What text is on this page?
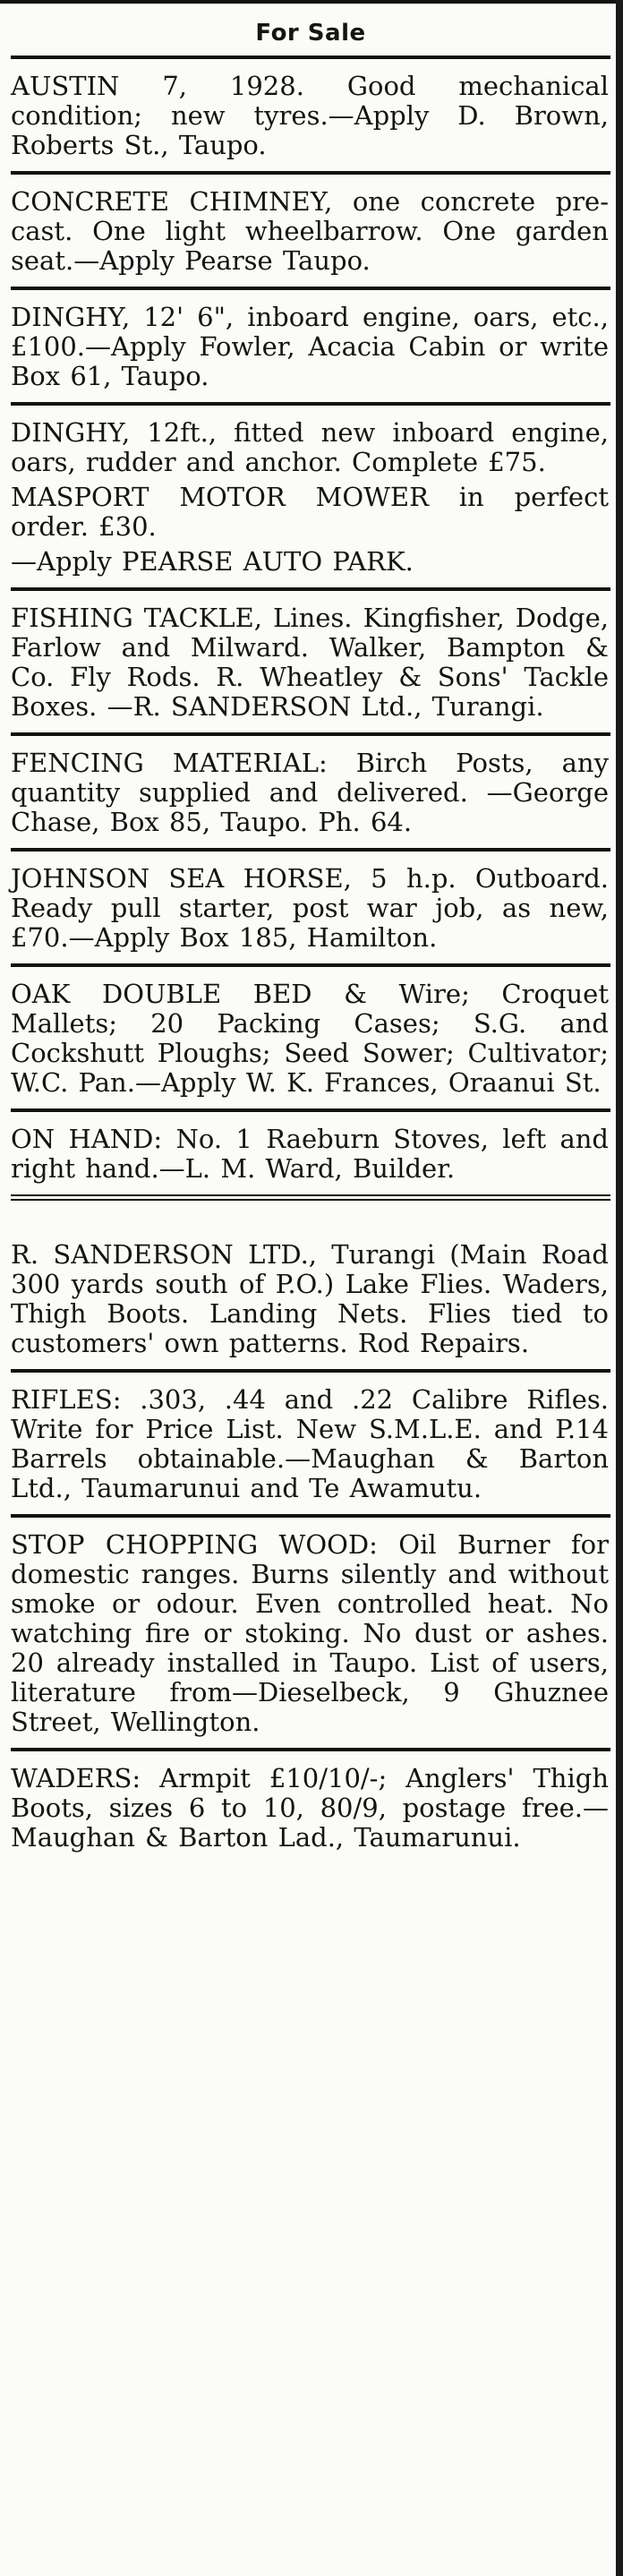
For Sale

AUSTIN 7, 1928. Good mechanical condition; new tyres.—Apply D. Brown, Roberts St., Taupo.

CONCRETE CHIMNEY, one concrete pre-cast. One light wheelbarrow. One garden seat.—Apply Pearse Taupo.

DINGHY, 12' 6", inboard engine, oars, etc., £100.—Apply Fowler, Acacia Cabin or write Box 61, Taupo.

DINGHY, 12ft., fitted new inboard engine, oars, rudder and anchor. Complete £75.

MASPORT MOTOR MOWER in perfect order. £30.

—Apply PEARSE AUTO PARK.

FISHING TACKLE, Lines. Kingfisher, Dodge, Farlow and Milward. Walker, Bampton & Co. Fly Rods. R. Wheatley & Sons' Tackle Boxes. —R. SANDERSON Ltd., Turangi.

FENCING MATERIAL: Birch Posts, any quantity supplied and delivered. —George Chase, Box 85, Taupo. Ph. 64.

JOHNSON SEA HORSE, 5 h.p. Outboard. Ready pull starter, post war job, as new, £70.—Apply Box 185, Hamilton.

OAK DOUBLE BED & Wire; Croquet Mallets; 20 Packing Cases; S.G. and Cockshutt Ploughs; Seed Sower; Cultivator; W.C. Pan.—Apply W. K. Frances, Oraanui St.

ON HAND: No. 1 Raeburn Stoves, left and right hand.—L. M. Ward, Builder.

R. SANDERSON LTD., Turangi (Main Road 300 yards south of P.O.) Lake Flies. Waders, Thigh Boots. Landing Nets. Flies tied to customers' own patterns. Rod Repairs.

RIFLES: .303, .44 and .22 Calibre Rifles. Write for Price List. New S.M.L.E. and P.14 Barrels obtainable.—Maughan & Barton Ltd., Taumarunui and Te Awamutu.

STOP CHOPPING WOOD: Oil Burner for domestic ranges. Burns silently and without smoke or odour. Even controlled heat. No watching fire or stoking. No dust or ashes. 20 already installed in Taupo. List of users, literature from—Dieselbeck, 9 Ghuznee Street, Wellington.

WADERS: Armpit £10/10/-; Anglers' Thigh Boots, sizes 6 to 10, 80/9, postage free.—Maughan & Barton Lad., Taumarunui.
